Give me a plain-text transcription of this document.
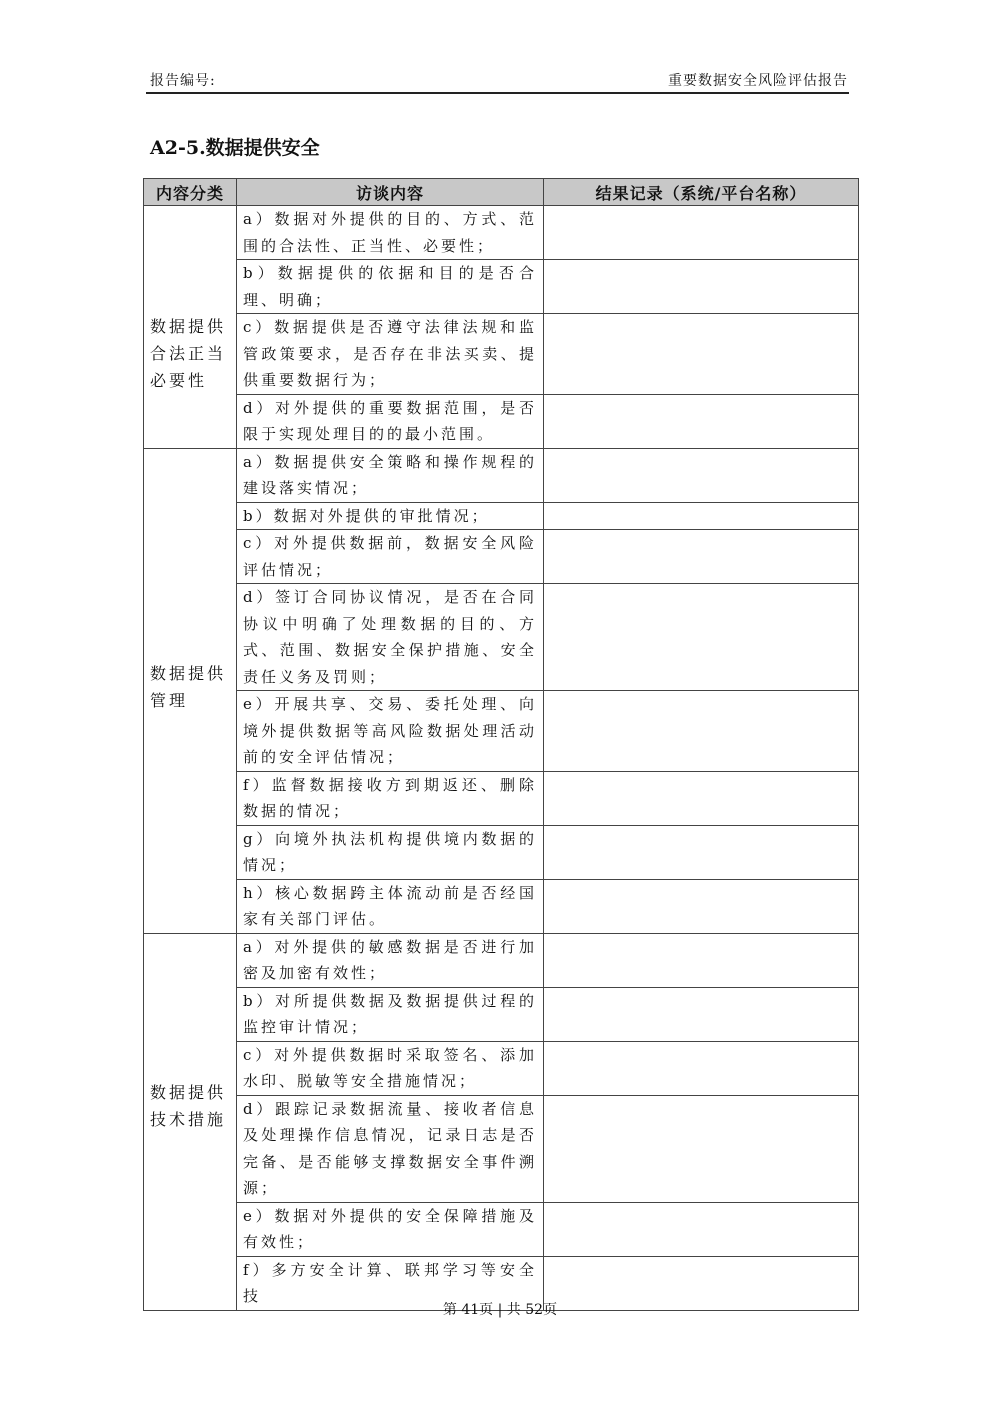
报告编号:	重要数据安全风险评估报告
A2-5.数据提供安全
内容分类	访谈内容	结果记录（系统/平台名称）
数据提供合法正当必要性	a）数据对外提供的目的、方式、范围的合法性、正当性、必要性；	
	b）数据提供的依据和目的是否合理、明确；	
	c）数据提供是否遵守法律法规和监管政策要求，是否存在非法买卖、提供重要数据行为；	
	d）对外提供的重要数据范围，是否限于实现处理目的的最小范围。	
数据提供管理	a）数据提供安全策略和操作规程的建设落实情况；	
	b）数据对外提供的审批情况；	
	c）对外提供数据前，数据安全风险评估情况；	
	d）签订合同协议情况，是否在合同协议中明确了处理数据的目的、方式、范围、数据安全保护措施、安全责任义务及罚则；	
	e）开展共享、交易、委托处理、向境外提供数据等高风险数据处理活动前的安全评估情况；	
	f）监督数据接收方到期返还、删除数据的情况；	
	g）向境外执法机构提供境内数据的情况；	
	h）核心数据跨主体流动前是否经国家有关部门评估。	
数据提供技术措施	a）对外提供的敏感数据是否进行加密及加密有效性；	
	b）对所提供数据及数据提供过程的监控审计情况；	
	c）对外提供数据时采取签名、添加水印、脱敏等安全措施情况；	
	d）跟踪记录数据流量、接收者信息及处理操作信息情况，记录日志是否完备、是否能够支撑数据安全事件溯源；	
	e）数据对外提供的安全保障措施及有效性；	
	f）多方安全计算、联邦学习等安全技	
第 41页 | 共 52页
